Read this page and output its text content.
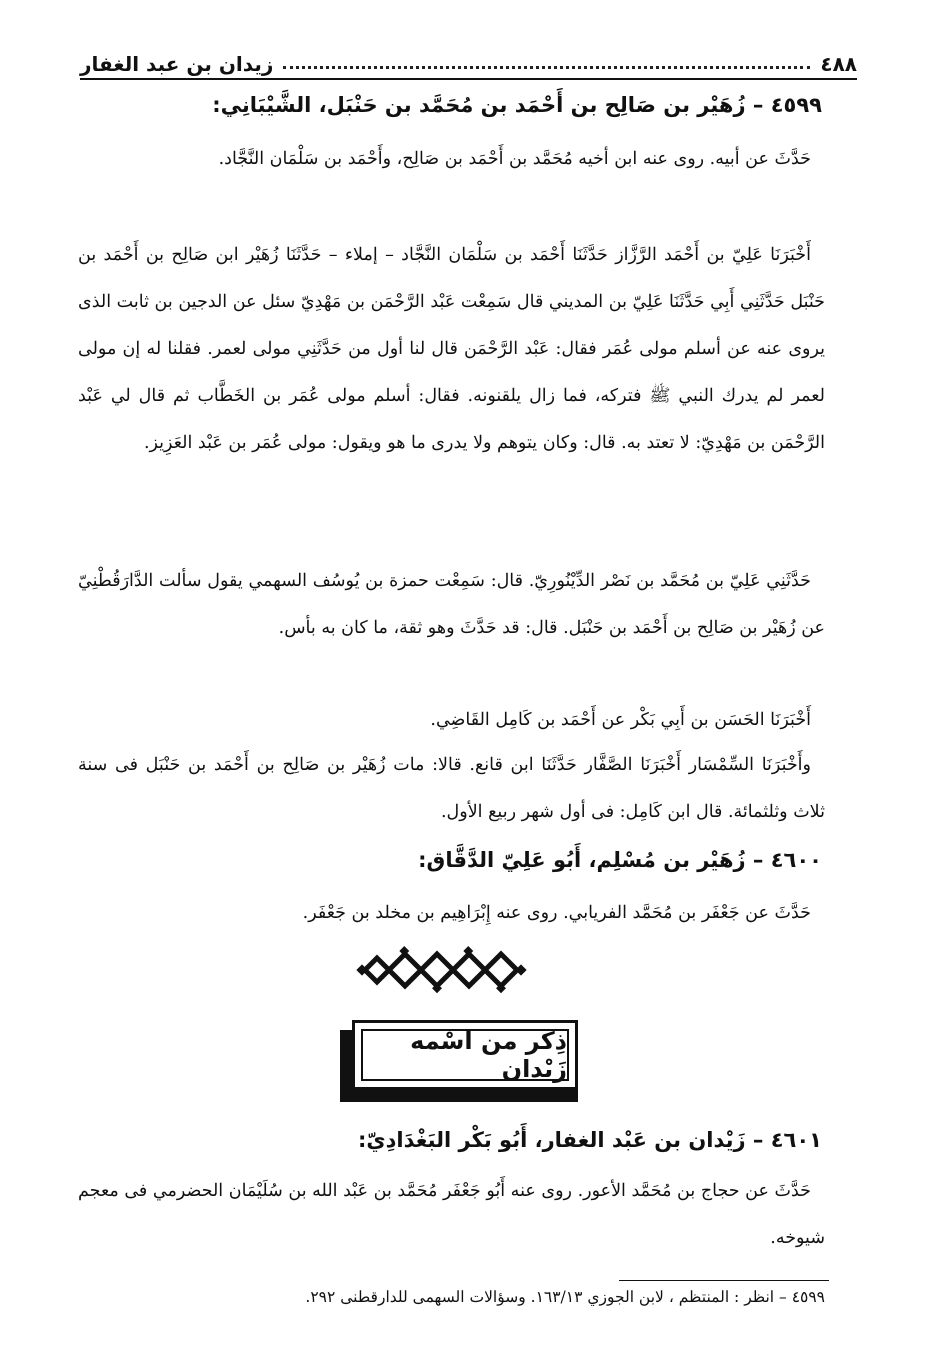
٤٨٨
زيدان بن عبد الغفار
٤٥٩٩ – زُهَيْر بن صَالِح بن أَحْمَد بن مُحَمَّد بن حَنْبَل، الشَّيْبَانِي:
حَدَّثَ عن أبيه. روى عنه ابن أخيه مُحَمَّد بن أَحْمَد بن صَالِح، وأَحْمَد بن سَلْمَان النَّجَّاد.
أَخْبَرَنَا عَلِيّ بن أَحْمَد الرَّزَّاز حَدَّثَنَا أَحْمَد بن سَلْمَان النَّجَّاد – إملاء – حَدَّثَنَا زُهَيْر ابن صَالِح بن أَحْمَد بن حَنْبَل حَدَّثَنِي أَبِي حَدَّثَنَا عَلِيّ بن المديني قال سَمِعْت عَبْد الرَّحْمَن بن مَهْدِيّ سئل عن الدجين بن ثابت الذى يروى عنه عن أسلم مولى عُمَر فقال: عَبْد الرَّحْمَن قال لنا أول من حَدَّثَنِي مولى لعمر. فقلنا له إن مولى لعمر لم يدرك النبي ﷺ فتركه، فما زال يلقنونه. فقال: أسلم مولى عُمَر بن الخَطَّاب ثم قال لي عَبْد الرَّحْمَن بن مَهْدِيّ: لا تعتد به. قال: وكان يتوهم ولا يدرى ما هو ويقول: مولى عُمَر بن عَبْد العَزِيز.
حَدَّثَنِي عَلِيّ بن مُحَمَّد بن نَصْر الدِّيْنُورِيّ. قال: سَمِعْت حمزة بن يُوسُف السهمي يقول سألت الدَّارَقُطْنِيّ عن زُهَيْر بن صَالِح بن أَحْمَد بن حَنْبَل. قال: قد حَدَّثَ وهو ثقة، ما كان به بأس.
أَخْبَرَنَا الحَسَن بن أَبِي بَكْر عن أَحْمَد بن كَامِل القَاضِي.
وأَخْبَرَنَا السِّمْسَار أَخْبَرَنَا الصَّفَّار حَدَّثَنَا ابن قانع. قالا: مات زُهَيْر بن صَالِح بن أَحْمَد بن حَنْبَل فى سنة ثلاث وثلثمائة. قال ابن كَامِل: فى أول شهر ربيع الأول.
٤٦٠٠ – زُهَيْر بن مُسْلِم، أَبُو عَلِيّ الدَّقَّاق:
حَدَّثَ عن جَعْفَر بن مُحَمَّد الفريابي. روى عنه إِبْرَاهِيم بن مخلد بن جَعْفَر.
ذِكر من اسْمه زَيْدان
٤٦٠١ – زَيْدان بن عَبْد الغفار، أَبُو بَكْر البَغْدَادِيّ:
حَدَّثَ عن حجاج بن مُحَمَّد الأعور. روى عنه أَبُو جَعْفَر مُحَمَّد بن عَبْد الله بن سُلَيْمَان الحضرمي فى معجم شيوخه.
٤٥٩٩ – انظر : المنتظم ، لابن الجوزي ١٦٣/١٣. وسؤالات السهمى للدارقطنى ٢٩٢.
